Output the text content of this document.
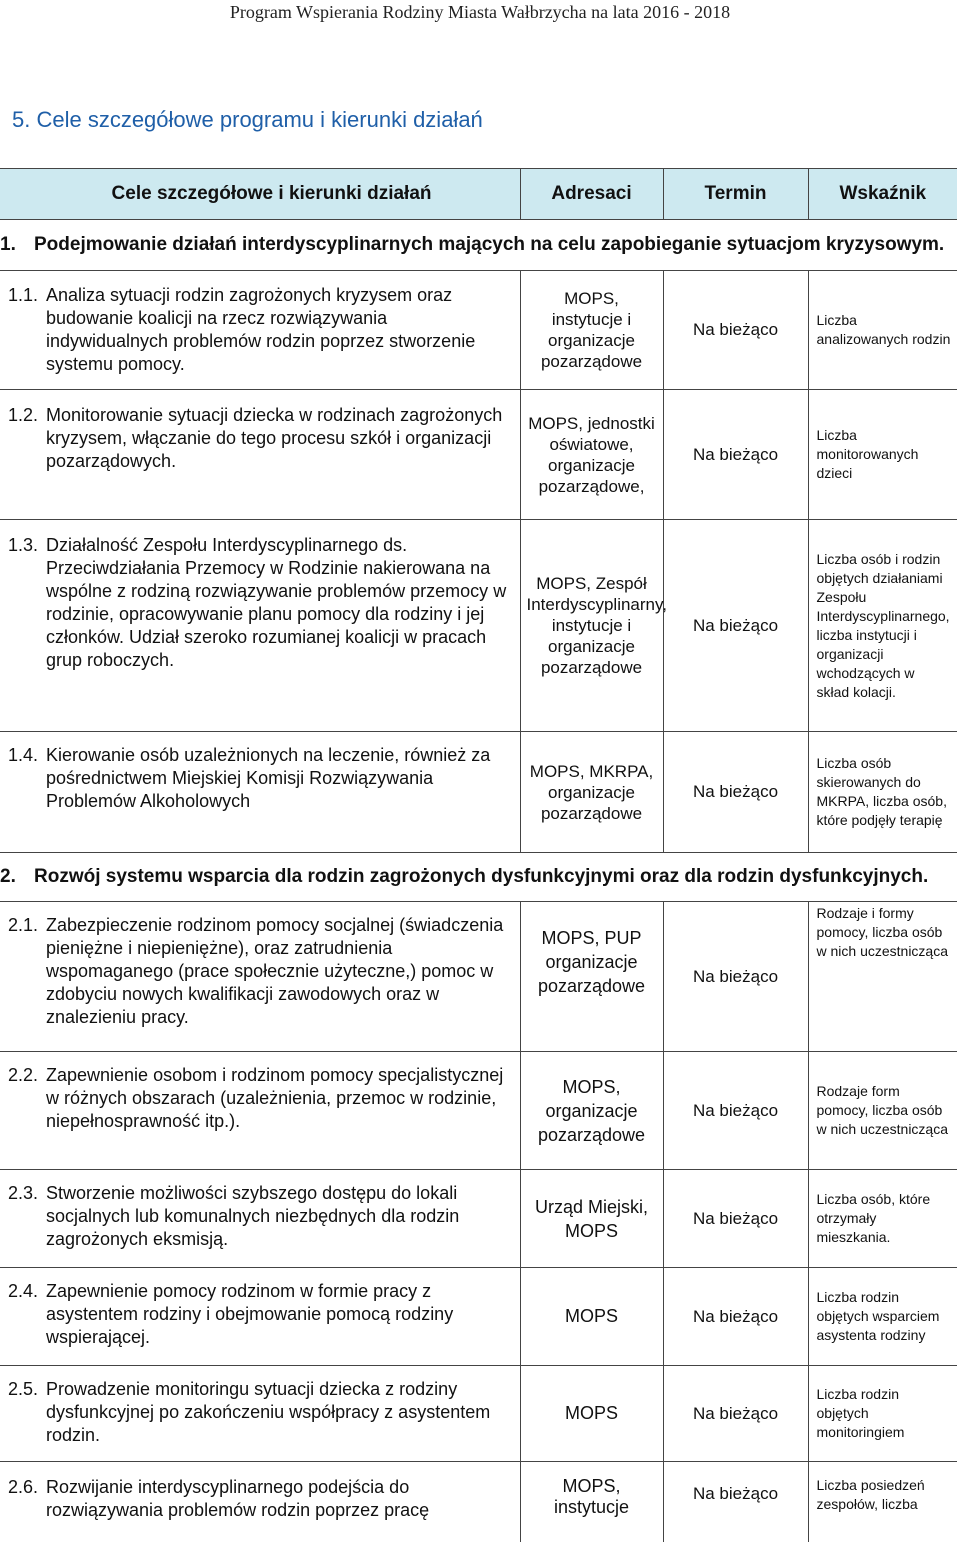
Program Wspierania Rodziny Miasta Wałbrzycha na lata 2016 - 2018
5. Cele szczegółowe programu i kierunki działań
Cele szczegółowe i kierunki działań	Adresaci	Termin	Wskaźnik
1. Podejmowanie działań interdyscyplinarnych mających na celu zapobieganie sytuacjom kryzysowym.			

1.1. Analiza sytuacji rodzin zagrożonych kryzysem oraz budowanie koalicji na rzecz rozwiązywania indywidualnych problemów rodzin poprzez stworzenie systemu pomocy.	MOPS, instytucje i organizacje pozarządowe	Na bieżąco	Liczba analizowanych rodzin

1.2. Monitorowanie sytuacji dziecka w rodzinach zagrożonych kryzysem, włączanie do tego procesu szkół i organizacji pozarządowych.	MOPS, jednostki oświatowe, organizacje pozarządowe,	Na bieżąco	Liczba monitorowanych dzieci

1.3. Działalność Zespołu Interdyscyplinarnego ds. Przeciwdziałania Przemocy w Rodzinie nakierowana na wspólne z rodziną rozwiązywanie problemów przemocy w rodzinie, opracowywanie planu pomocy dla rodziny i jej członków. Udział szeroko rozumianej koalicji w pracach grup roboczych.	MOPS, Zespół Interdyscyplinarny, instytucje i organizacje pozarządowe	Na bieżąco	Liczba osób i rodzin objętych działaniami Zespołu Interdyscyplinarnego, liczba instytucji i organizacji wchodzących w skład kolacji.

1.4. Kierowanie osób uzależnionych na leczenie, również za pośrednictwem Miejskiej Komisji Rozwiązywania Problemów Alkoholowych	MOPS, MKRPA, organizacje pozarządowe	Na bieżąco	Liczba osób skierowanych do MKRPA, liczba osób, które podjęły terapię
2. Rozwój systemu wsparcia dla rodzin zagrożonych dysfunkcyjnymi oraz dla rodzin dysfunkcyjnych.			

2.1. Zabezpieczenie rodzinom pomocy socjalnej (świadczenia pieniężne i niepieniężne), oraz zatrudnienia wspomaganego (prace społecznie użyteczne,) pomoc w zdobyciu nowych kwalifikacji zawodowych oraz w znalezieniu pracy.	MOPS, PUP organizacje pozarządowe	Na bieżąco	Rodzaje i formy pomocy, liczba osób w nich uczestnicząca

2.2. Zapewnienie osobom i rodzinom pomocy specjalistycznej w różnych obszarach (uzależnienia, przemoc w rodzinie, niepełnosprawność itp.).	MOPS, organizacje pozarządowe	Na bieżąco	Rodzaje form pomocy, liczba osób w nich uczestnicząca

2.3. Stworzenie możliwości szybszego dostępu do lokali socjalnych lub komunalnych niezbędnych dla rodzin zagrożonych eksmisją.	Urząd Miejski, MOPS	Na bieżąco	Liczba osób, które otrzymały mieszkania.

2.4. Zapewnienie pomocy rodzinom w formie pracy z asystentem rodziny i obejmowanie pomocą rodziny wspierającej.	MOPS	Na bieżąco	Liczba rodzin objętych wsparciem asystenta rodziny

2.5. Prowadzenie monitoringu sytuacji dziecka z rodziny dysfunkcyjnej po zakończeniu współpracy z asystentem rodzin.	MOPS	Na bieżąco	Liczba rodzin objętych monitoringiem

2.6. Rozwijanie interdyscyplinarnego podejścia do rozwiązywania problemów rodzin poprzez pracę	MOPS, instytucje	Na bieżąco	Liczba posiedzeń zespołów, liczba
